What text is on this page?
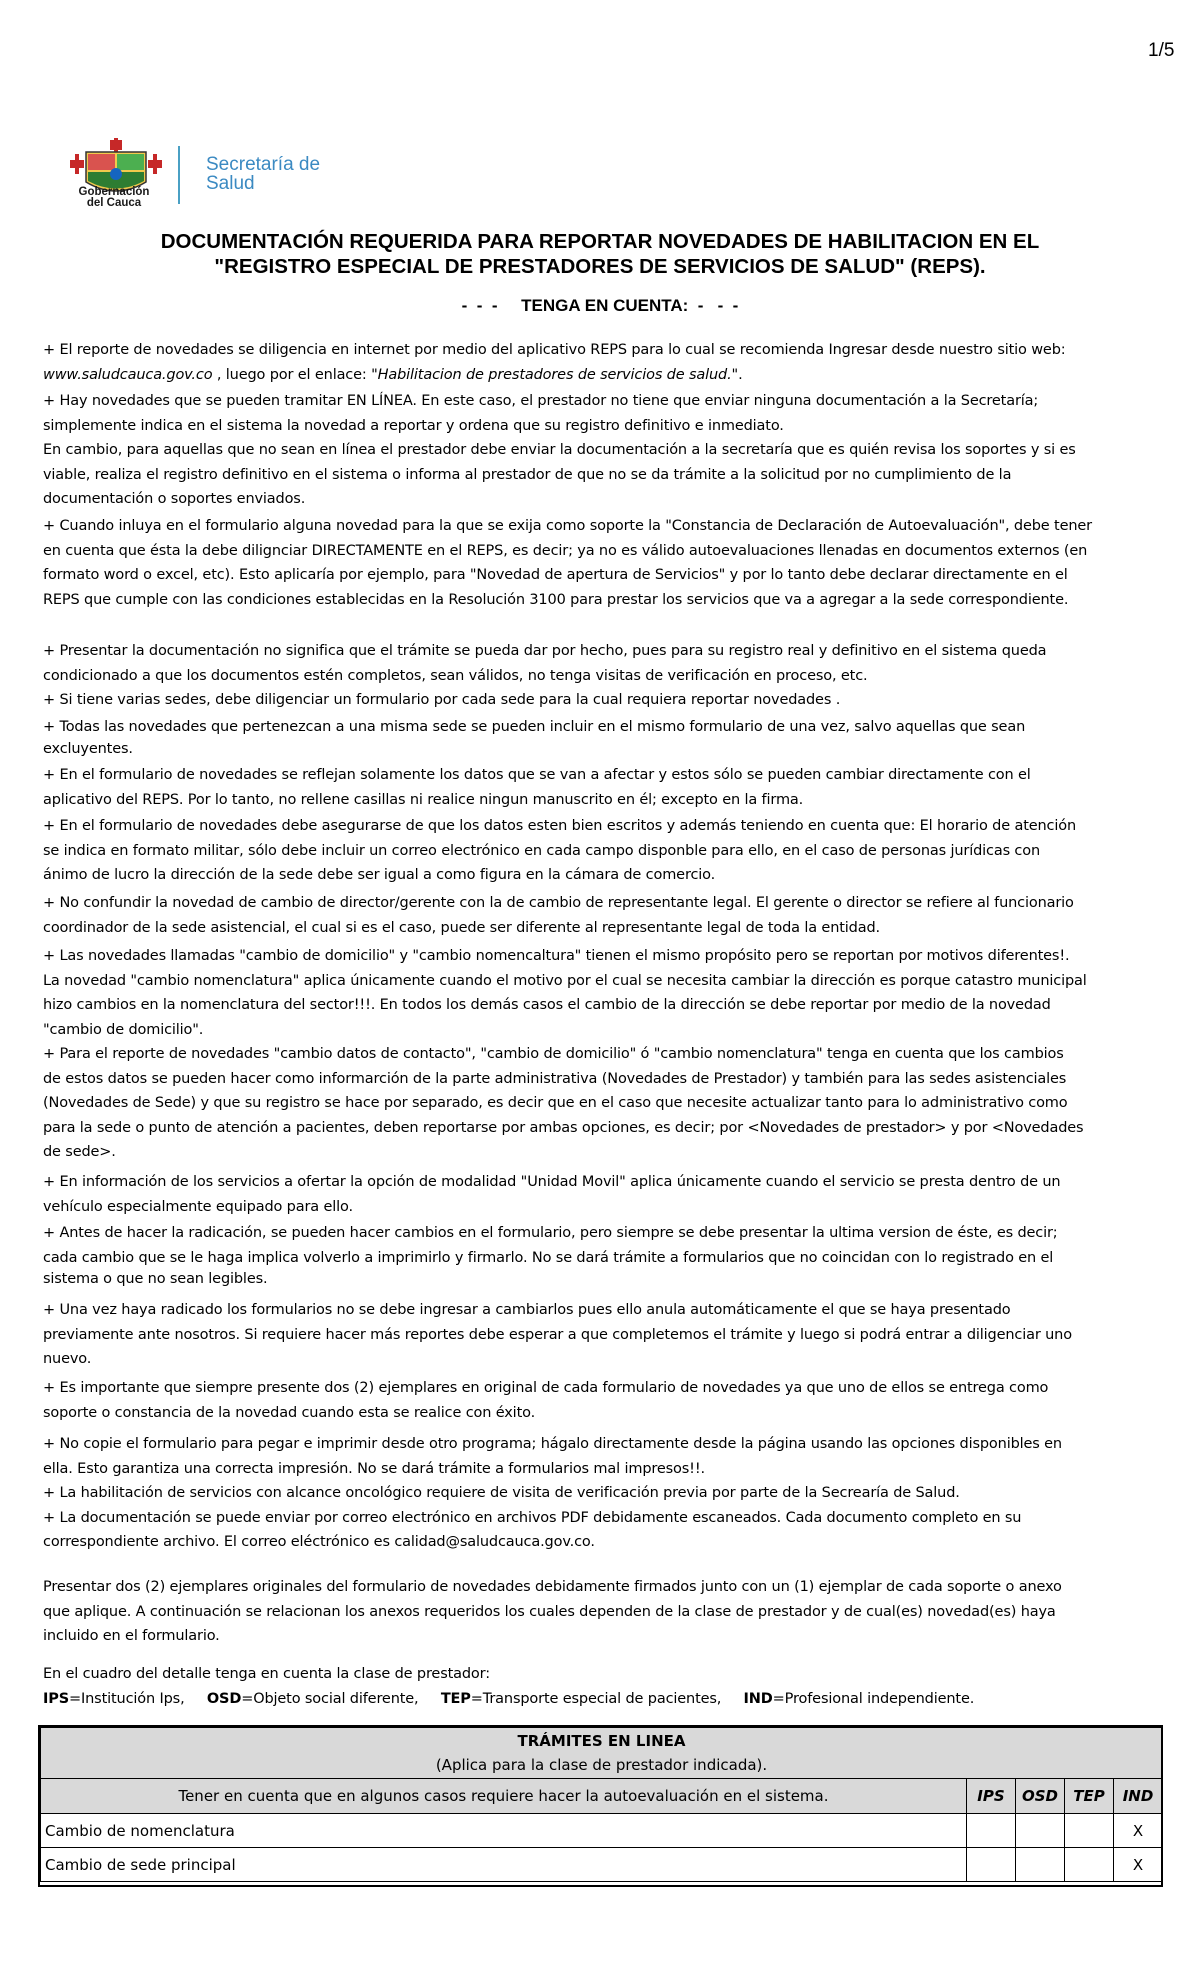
1/5
Gobernación
del Cauca
Secretaría de
Salud
DOCUMENTACIÓN REQUERIDA PARA REPORTAR NOVEDADES DE HABILITACION EN EL
"REGISTRO ESPECIAL DE PRESTADORES DE SERVICIOS DE SALUD" (REPS).
-  -  -     TENGA EN CUENTA:  -   -  -

+ El reporte de novedades se diligencia en internet por medio del aplicativo REPS para lo cual se recomienda Ingresar desde nuestro sitio web:
www.saludcauca.gov.co , luego por el enlace: "Habilitacion de prestadores de servicios de salud.".

+ Hay novedades que se pueden tramitar EN LÍNEA. En este caso, el prestador no tiene que enviar ninguna documentación a la Secretaría;
simplemente indica en el sistema la novedad a reportar y ordena que su registro definitivo e inmediato.
En cambio, para aquellas que no sean en línea el prestador debe enviar la documentación a la secretaría que es quién revisa los soportes y si es
viable, realiza el registro definitivo en el sistema o informa al prestador de que no se da trámite a la solicitud por no cumplimiento de la
documentación o soportes enviados.

+ Cuando inluya en el formulario alguna novedad para la que se exija como soporte la "Constancia de Declaración de Autoevaluación", debe tener
en cuenta que ésta la debe dilignciar DIRECTAMENTE en el REPS, es decir; ya no es válido autoevaluaciones llenadas en documentos externos (en
formato word o excel, etc). Esto aplicaría por ejemplo, para "Novedad de apertura de Servicios" y por lo tanto debe declarar directamente en el
REPS que cumple con las condiciones establecidas en la Resolución 3100 para prestar los servicios que va a agregar a la sede correspondiente.

+ Presentar la documentación no significa que el trámite se pueda dar por hecho, pues para su registro real y definitivo en el sistema queda
condicionado a que los documentos estén completos, sean válidos, no tenga visitas de verificación en proceso, etc.

+ Si tiene varias sedes, debe diligenciar un formulario por cada sede para la cual requiera reportar novedades .

+ Todas las novedades que pertenezcan a una misma sede se pueden incluir en el mismo formulario de una vez, salvo aquellas que sean
excluyentes.

+ En el formulario de novedades se reflejan solamente los datos que se van a afectar y estos sólo se pueden cambiar directamente con el
aplicativo del REPS. Por lo tanto, no rellene casillas ni realice ningun manuscrito en él; excepto en la firma.

+ En el formulario de novedades debe asegurarse de que los datos esten bien escritos y además teniendo en cuenta que: El horario de atención
se indica en formato militar, sólo debe incluir un correo electrónico en cada campo disponble para ello, en el caso de personas jurídicas con
ánimo de lucro la dirección de la sede debe ser igual a como figura en la cámara de comercio.

+ No confundir la novedad de cambio de director/gerente con la de cambio de representante legal. El gerente o director se refiere al funcionario
coordinador de la sede asistencial, el cual si es el caso, puede ser diferente al representante legal de toda la entidad.

+ Las novedades llamadas "cambio de domicilio" y "cambio nomencaltura" tienen el mismo propósito pero se reportan por motivos diferentes!.
La novedad "cambio nomenclatura" aplica únicamente cuando el motivo por el cual se necesita cambiar la dirección es porque catastro municipal
hizo cambios en la nomenclatura del sector!!!. En todos los demás casos el cambio de la dirección se debe reportar por medio de la novedad
"cambio de domicilio".
+ Para el reporte de novedades "cambio datos de contacto", "cambio de domicilio" ó "cambio nomenclatura" tenga en cuenta que los cambios
de estos datos se pueden hacer como informarción de la parte administrativa (Novedades de Prestador) y también para las sedes asistenciales
(Novedades de Sede) y que su registro se hace por separado, es decir que en el caso que necesite actualizar tanto para lo administrativo como
para la sede o punto de atención a pacientes, deben reportarse por ambas opciones, es decir; por <Novedades de prestador> y por <Novedades
de sede>.

+ En información de los servicios a ofertar la opción de modalidad "Unidad Movil" aplica únicamente cuando el servicio se presta dentro de un
vehículo especialmente equipado para ello.

+ Antes de hacer la radicación, se pueden hacer cambios en el formulario, pero siempre se debe presentar la ultima version de éste, es decir;
cada cambio que se le haga implica volverlo a imprimirlo y firmarlo. No se dará trámite a formularios que no coincidan con lo registrado en el
sistema o que no sean legibles.

+ Una vez haya radicado los formularios no se debe ingresar a cambiarlos pues ello anula automáticamente el que se haya presentado
previamente ante nosotros. Si requiere hacer más reportes debe esperar a que completemos el trámite y luego si podrá entrar a diligenciar uno
nuevo.

+ Es importante que siempre presente dos (2) ejemplares en original de cada formulario de novedades ya que uno de ellos se entrega como
soporte o constancia de la novedad cuando esta se realice con éxito.

+ No copie el formulario para pegar e imprimir desde otro programa; hágalo directamente desde la página usando las opciones disponibles en
ella. Esto garantiza una correcta impresión. No se dará trámite a formularios mal impresos!!.
+ La habilitación de servicios con alcance oncológico requiere de visita de verificación previa por parte de la Secrearía de Salud.
+ La documentación se puede enviar por correo electrónico en archivos PDF debidamente escaneados. Cada documento completo en su
correspondiente archivo. El correo eléctrónico es calidad@saludcauca.gov.co.

Presentar dos (2) ejemplares originales del formulario de novedades debidamente firmados junto con un (1) ejemplar de cada soporte o anexo
que aplique. A continuación se relacionan los anexos requeridos los cuales dependen de la clase de prestador y de cual(es) novedad(es) haya
incluido en el formulario.

En el cuadro del detalle tenga en cuenta la clase de prestador:
IPS=Institución Ips,     OSD=Objeto social diferente,     TEP=Transporte especial de pacientes,     IND=Profesional independiente.

TRÁMITES EN LINEA
(Aplica para la clase de prestador indicada).				

Tener en cuenta que en algunos casos requiere hacer la autoevaluación en el sistema.	IPS	OSD	TEP	IND
Cambio de nomenclatura				X
Cambio de sede principal				X
